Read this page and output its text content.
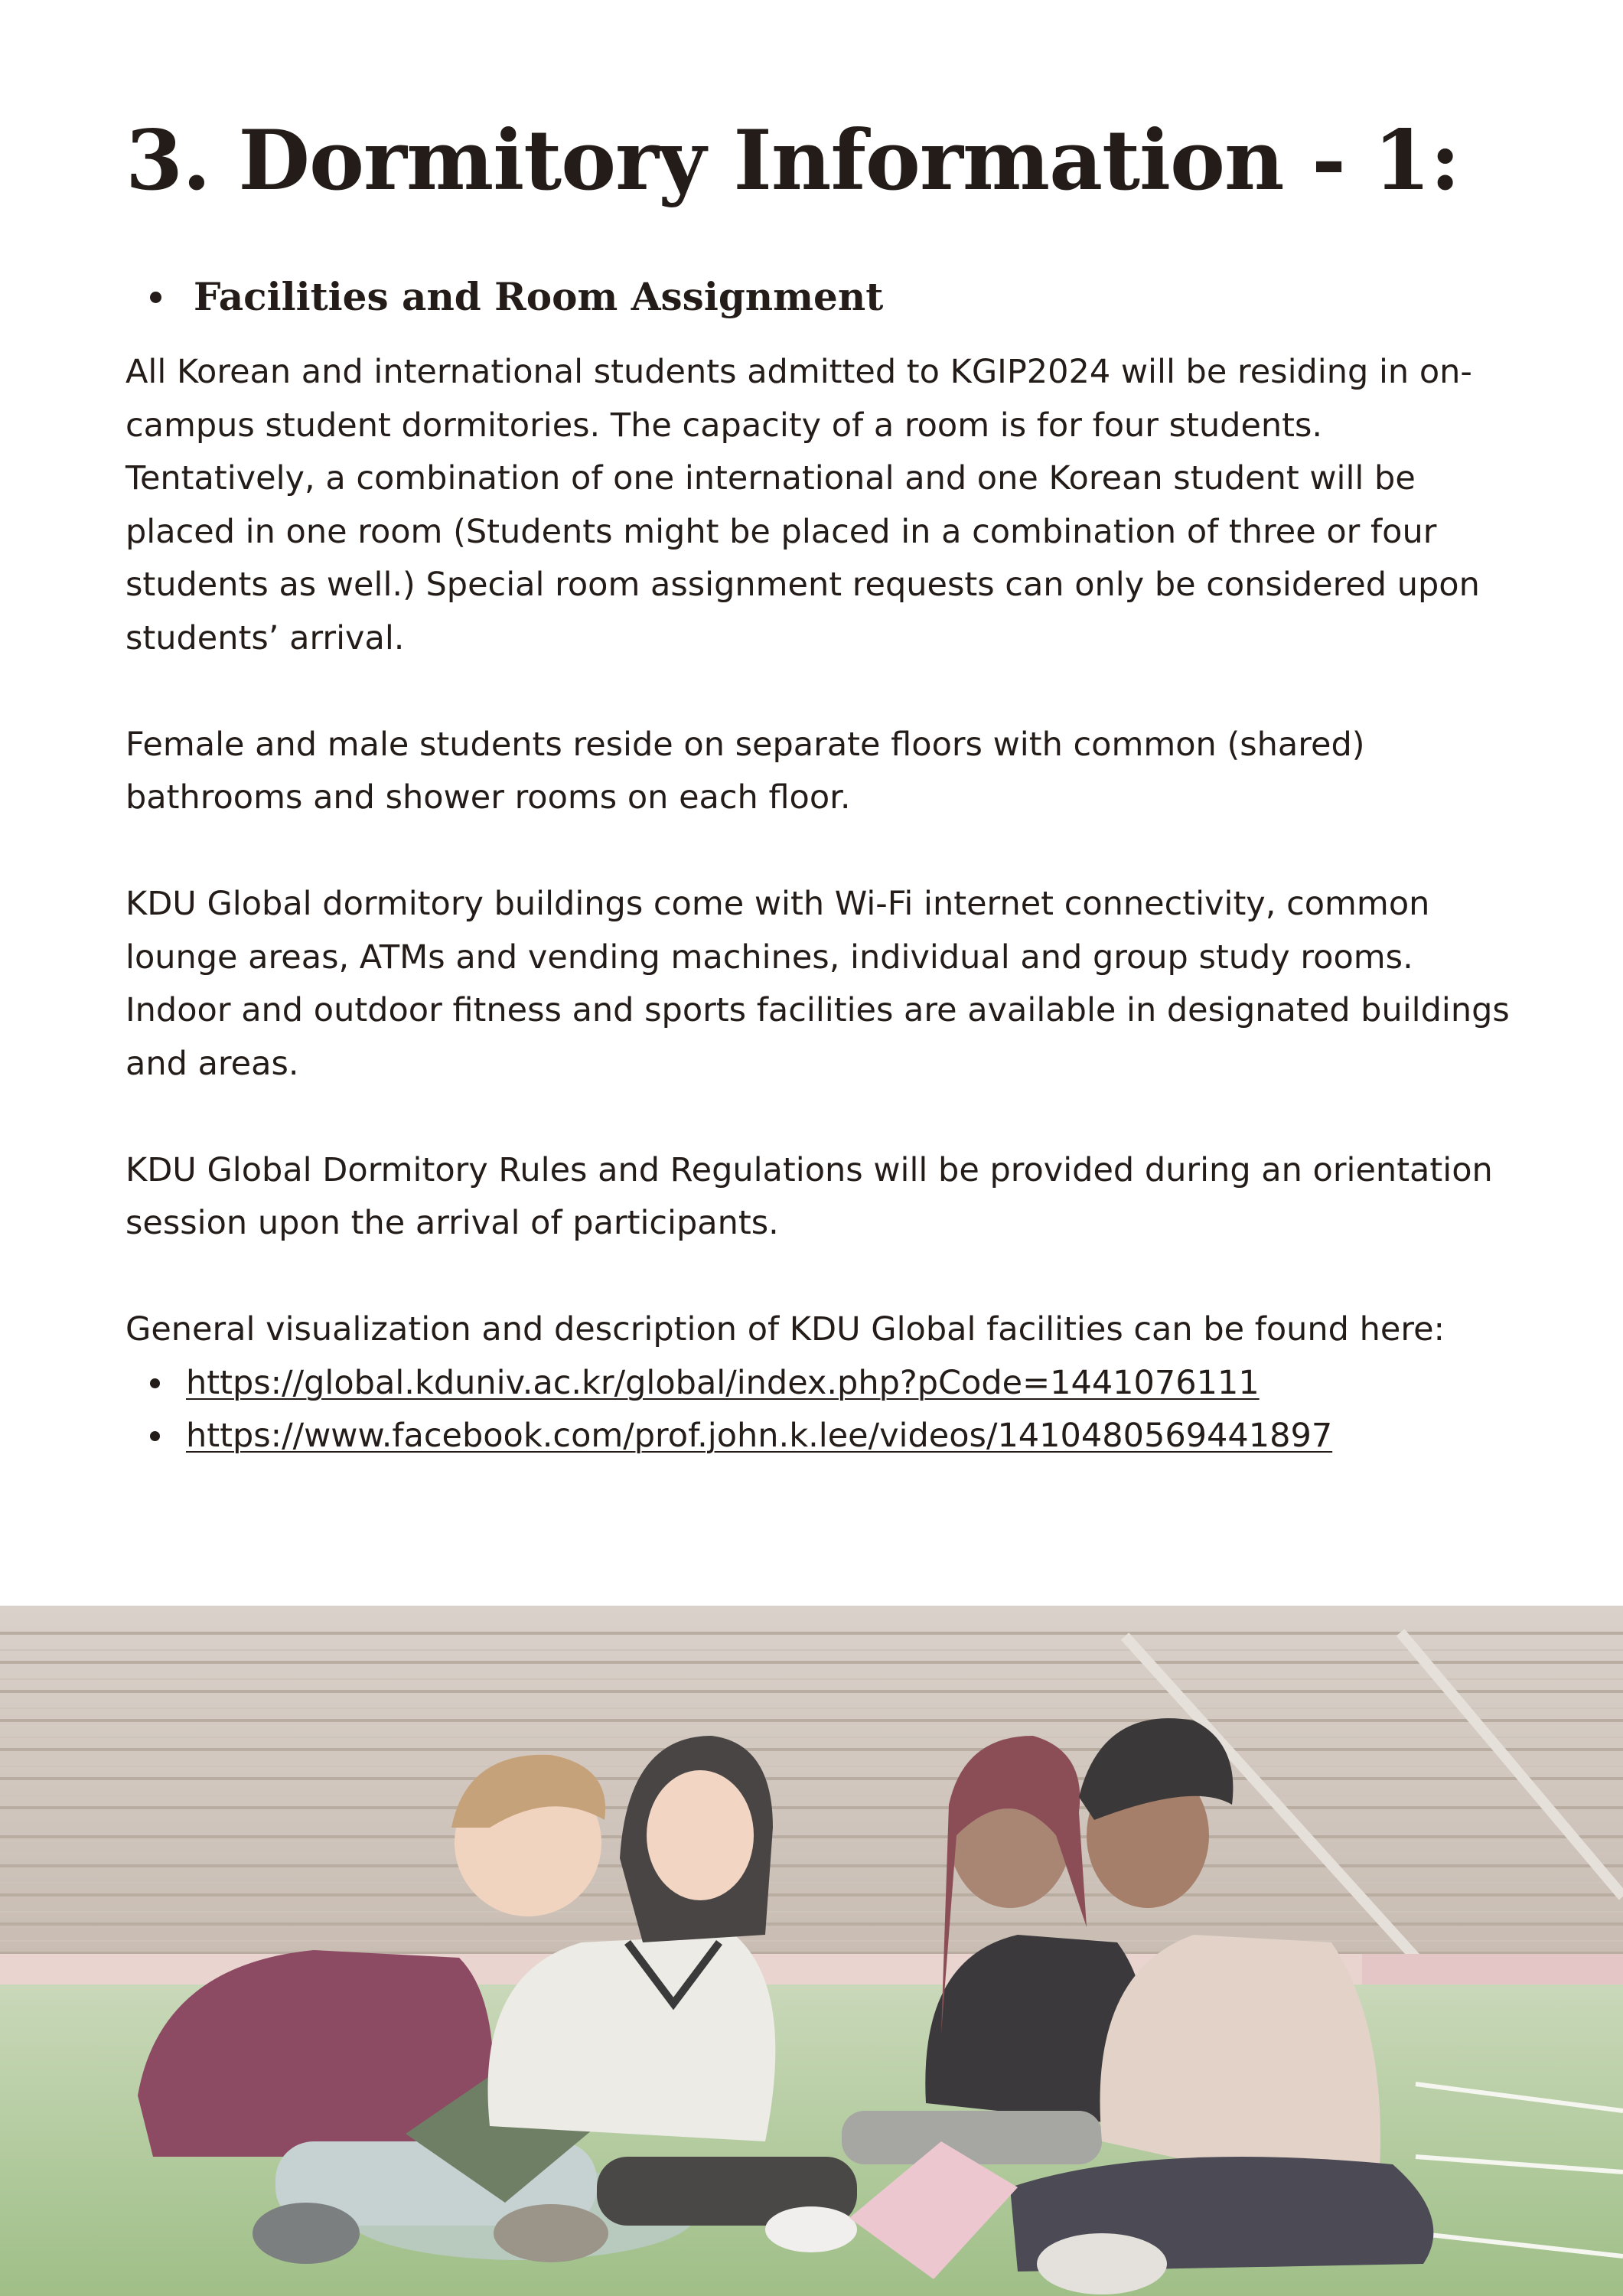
3. Dormitory Information - 1:
Facilities and Room Assignment

All Korean and international students admitted to KGIP2024 will be residing in on-campus student dormitories. The capacity of a room is for four students. Tentatively, a combination of one international and one Korean student will be placed in one room (Students might be placed in a combination of three or four students as well.) Special room assignment requests can only be considered upon students’ arrival.

Female and male students reside on separate floors with common (shared) bathrooms and shower rooms on each floor.

KDU Global dormitory buildings come with Wi-Fi internet connectivity, common lounge areas, ATMs and vending machines, individual and group study rooms. Indoor and outdoor fitness and sports facilities are available in designated buildings and areas.

KDU Global Dormitory Rules and Regulations will be provided during an orientation session upon the arrival of participants.

General visualization and description of KDU Global facilities can be found here:

https://global.kduniv.ac.kr/global/index.php?pCode=1441076111
https://www.facebook.com/prof.john.k.lee/videos/1410480569441897
